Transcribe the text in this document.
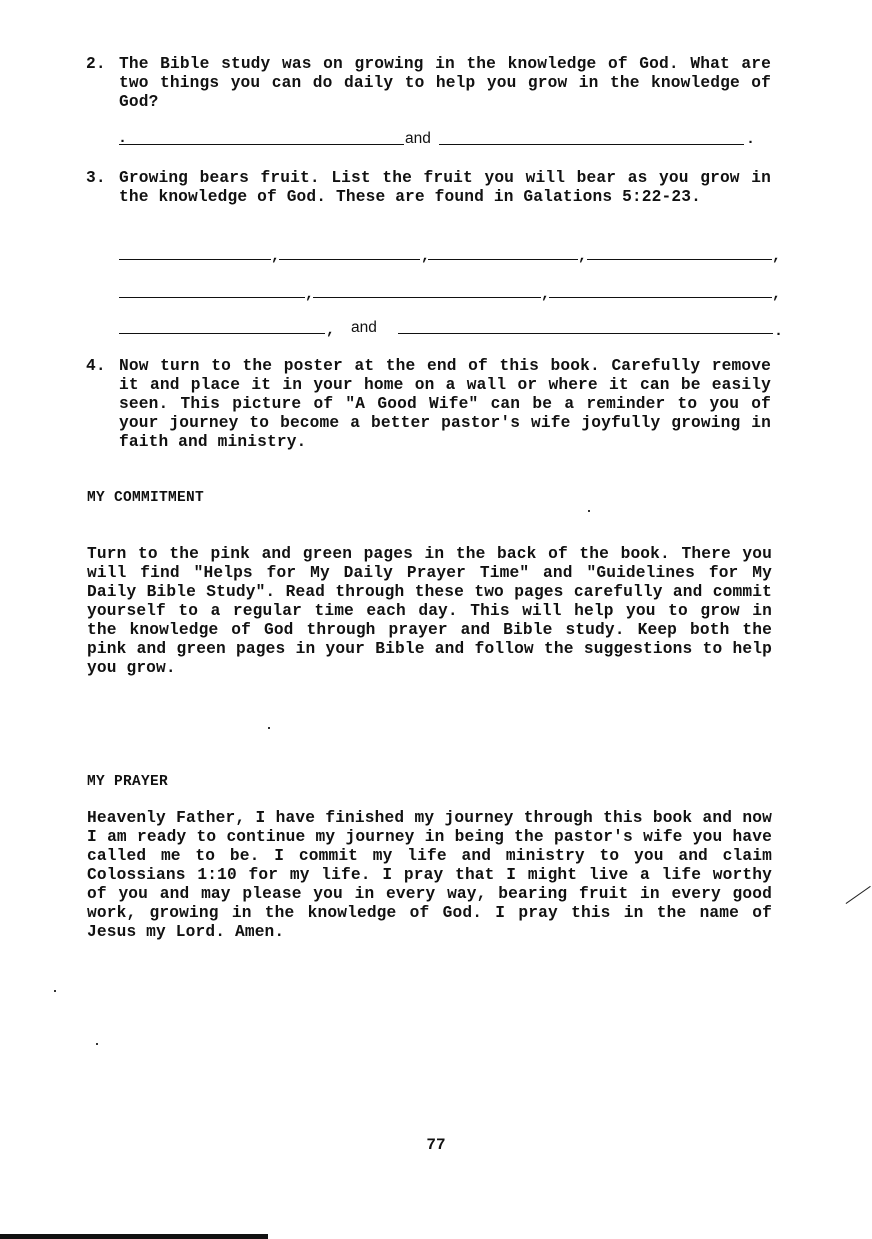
2. The Bible study was on growing in the knowledge of God. What are two things you can do daily to help you grow in the knowledge of God?
.	and	.
3. Growing bears fruit. List the fruit you will bear as you grow in the knowledge of God. These are found in Galations 5:22-23.
,	,	,	,
,	,	,
, and	.
4. Now turn to the poster at the end of this book. Carefully remove it and place it in your home on a wall or where it can be easily seen. This picture of "A Good Wife" can be a reminder to you of your journey to become a better pastor's wife joyfully growing in faith and ministry.
MY COMMITMENT
Turn to the pink and green pages in the back of the book. There you will find "Helps for My Daily Prayer Time" and "Guidelines for My Daily Bible Study". Read through these two pages carefully and commit yourself to a regular time each day. This will help you to grow in the knowledge of God through prayer and Bible study. Keep both the pink and green pages in your Bible and follow the suggestions to help you grow.
MY PRAYER
Heavenly Father, I have finished my journey through this book and now I am ready to continue my journey in being the pastor's wife you have called me to be. I commit my life and ministry to you and claim Colossians 1:10 for my life. I pray that I might live a life worthy of you and may please you in every way, bearing fruit in every good work, growing in the knowledge of God. I pray this in the name of Jesus my Lord. Amen.
77
